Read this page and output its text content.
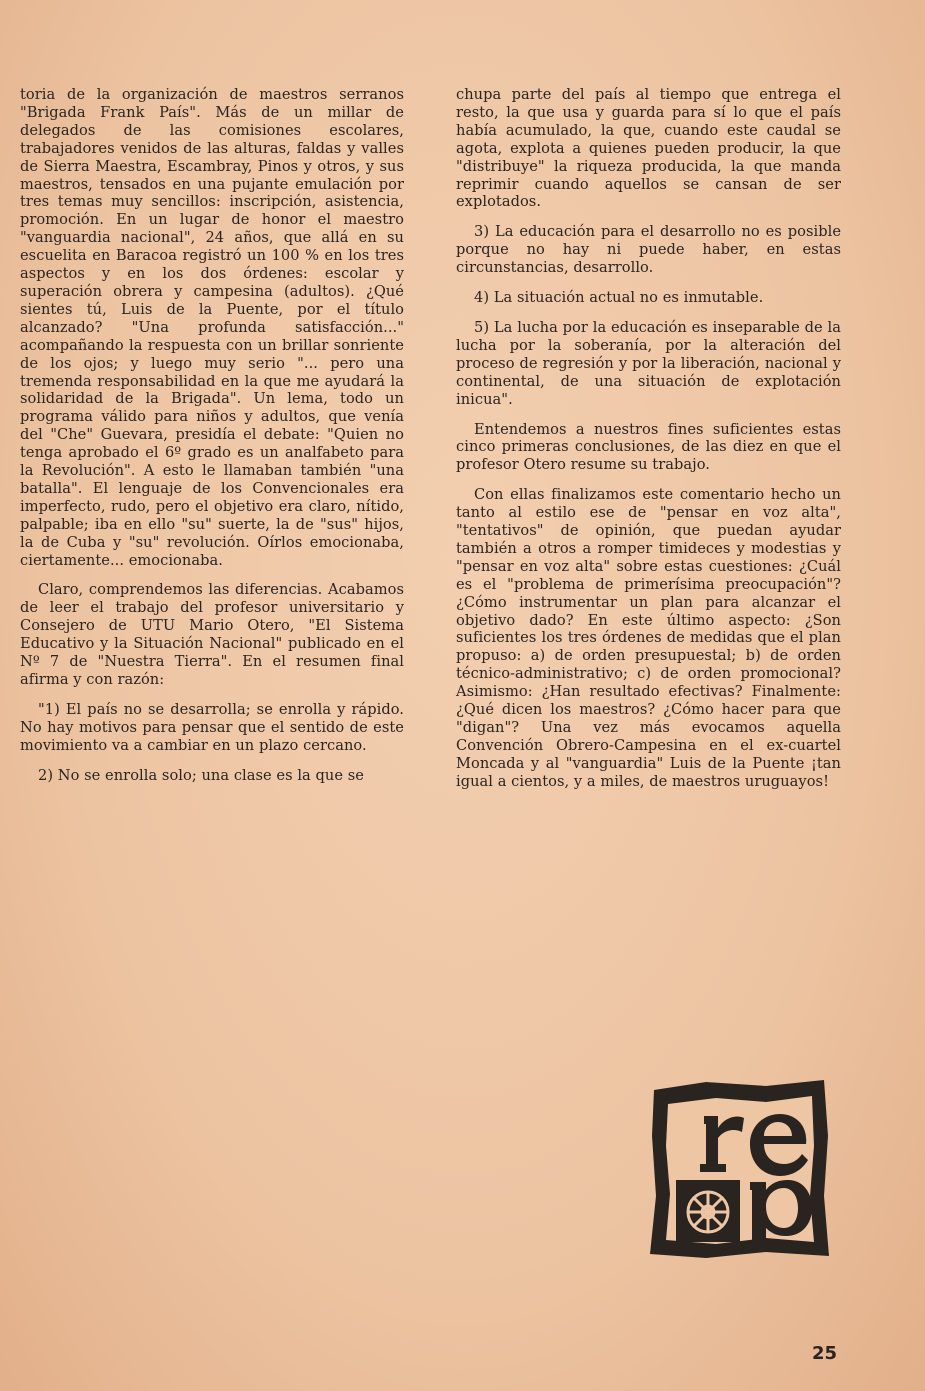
toria de la organización de maestros serranos "Brigada Frank País". Más de un millar de delegados de las comisiones escolares, trabajadores venidos de las alturas, faldas y valles de Sierra Maestra, Escambray, Pinos y otros, y sus maestros, tensados en una pujante emulación por tres temas muy sencillos: inscripción, asistencia, promoción. En un lugar de honor el maestro "vanguardia nacional", 24 años, que allá en su escuelita en Baracoa registró un 100 % en los tres aspectos y en los dos órdenes: escolar y superación obrera y campesina (adultos). ¿Qué sientes tú, Luis de la Puente, por el título alcanzado? "Una profunda satisfacción..." acompañando la respuesta con un brillar sonriente de los ojos; y luego muy serio "... pero una tremenda responsabilidad en la que me ayudará la solidaridad de la Brigada". Un lema, todo un programa válido para niños y adultos, que venía del "Che" Guevara, presidía el debate: "Quien no tenga aprobado el 6º grado es un analfabeto para la Revolución". A esto le llamaban también "una batalla". El lenguaje de los Convencionales era imperfecto, rudo, pero el objetivo era claro, nítido, palpable; iba en ello "su" suerte, la de "sus" hijos, la de Cuba y "su" revolución. Oírlos emocionaba, ciertamente... emocionaba.

Claro, comprendemos las diferencias. Acabamos de leer el trabajo del profesor universitario y Consejero de UTU Mario Otero, "El Sistema Educativo y la Situación Nacional" publicado en el Nº 7 de "Nuestra Tierra". En el resumen final afirma y con razón:

"1) El país no se desarrolla; se enrolla y rápido. No hay motivos para pensar que el sentido de este movimiento va a cambiar en un plazo cercano.

2) No se enrolla solo; una clase es la que se

chupa parte del país al tiempo que entrega el resto, la que usa y guarda para sí lo que el país había acumulado, la que, cuando este caudal se agota, explota a quienes pueden producir, la que "distribuye" la riqueza producida, la que manda reprimir cuando aquellos se cansan de ser explotados.

3) La educación para el desarrollo no es posible porque no hay ni puede haber, en estas circunstancias, desarrollo.

4) La situación actual no es inmutable.

5) La lucha por la educación es inseparable de la lucha por la soberanía, por la alteración del proceso de regresión y por la liberación, nacional y continental, de una situación de explotación inicua".

Entendemos a nuestros fines suficientes estas cinco primeras conclusiones, de las diez en que el profesor Otero resume su trabajo.

Con ellas finalizamos este comentario hecho un tanto al estilo ese de "pensar en voz alta", "tentativos" de opinión, que puedan ayudar también a otros a romper timideces y modestias y "pensar en voz alta" sobre estas cuestiones: ¿Cuál es el "problema de primerísima preocupación"? ¿Cómo instrumentar un plan para alcanzar el objetivo dado? En este último aspecto: ¿Son suficientes los tres órdenes de medidas que el plan propuso: a) de orden presupuestal; b) de orden técnico-administrativo; c) de orden promocional? Asimismo: ¿Han resultado efectivas? Finalmente: ¿Qué dicen los maestros? ¿Cómo hacer para que "digan"? Una vez más evocamos aquella Convención Obrero-Campesina en el ex-cuartel Moncada y al "vanguardia" Luis de la Puente ¡tan igual a cientos, y a miles, de maestros uruguayos!

25
